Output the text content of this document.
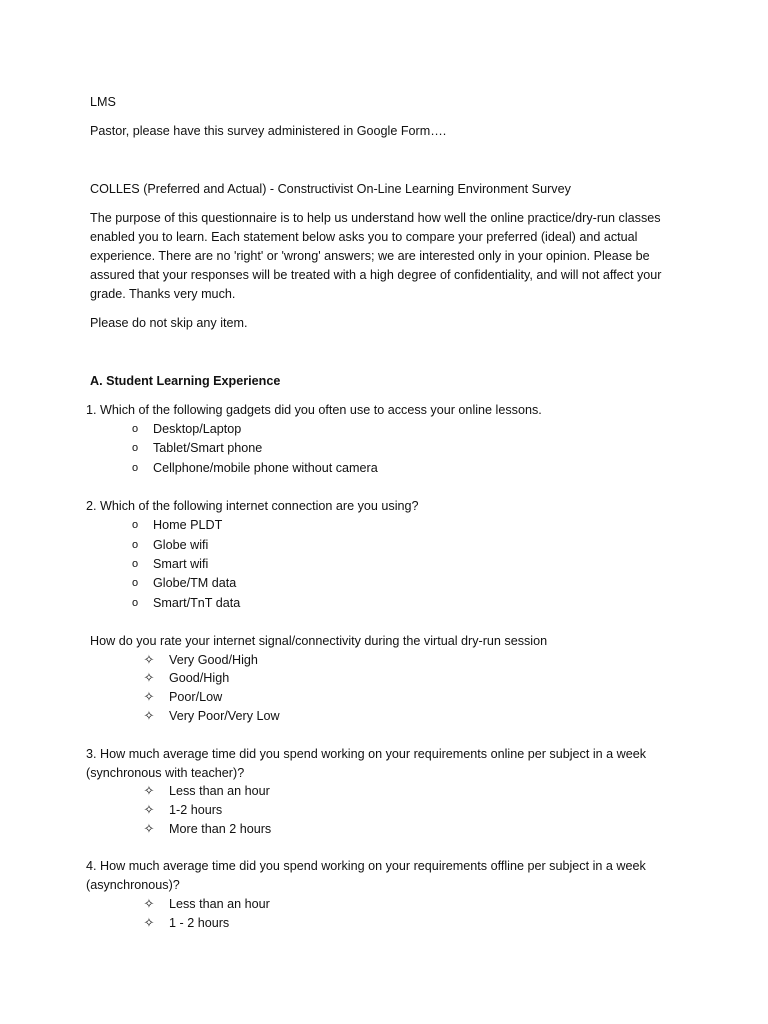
LMS
Pastor, please have this survey administered in Google Form….
COLLES (Preferred and Actual) - Constructivist On-Line Learning Environment Survey
The purpose of this questionnaire is to help us understand how well the online practice/dry-run classes
enabled you to learn. Each statement below asks you to compare your preferred (ideal) and actual
experience. There are no 'right' or 'wrong' answers; we are interested only in your opinion. Please be
assured that your responses will be treated with a high degree of confidentiality, and will not affect your
grade. Thanks very much.
Please do not skip any item.
A. Student Learning Experience
1. Which of the following gadgets did you often use to access your online lessons.
o	Desktop/Laptop
o	Tablet/Smart phone
o	Cellphone/mobile phone without camera
2. Which of the following internet connection are you using?
o	Home PLDT
o	Globe wifi
o	Smart wifi
o	Globe/TM data
o	Smart/TnT data
How do you rate your internet signal/connectivity during the virtual dry-run session
✧ Very Good/High
✧ Good/High
✧ Poor/Low
✧ Very Poor/Very Low
3. How much average time did you spend working on your requirements online per subject in a week
(synchronous with teacher)?
✧ Less than an hour
✧ 1-2 hours
✧ More than 2 hours
4. How much average time did you spend working on your requirements offline per subject in a week
(asynchronous)?
✧ Less than an hour
✧ 1 - 2 hours
